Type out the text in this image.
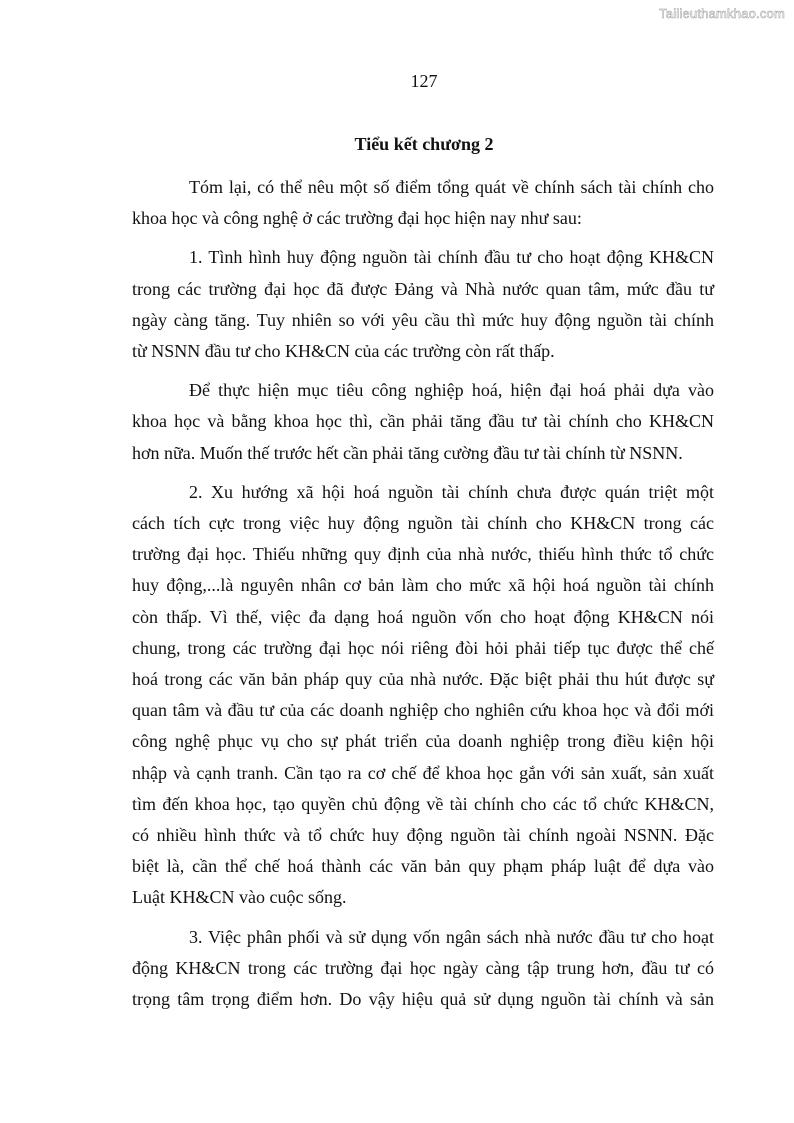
Tailieuthamkhao.com
127
Tiểu kết chương 2
Tóm lại, có thể nêu một số điểm tổng quát về chính sách tài chính cho
khoa học và công nghệ ở các trường đại học hiện nay như sau:
1. Tình hình huy động nguồn tài chính đầu tư cho hoạt động KH&CN
trong các trường đại học đã được Đảng và Nhà nước quan tâm, mức đầu tư
ngày càng tăng. Tuy nhiên so với yêu cầu thì mức huy động nguồn tài chính
từ NSNN đầu tư cho KH&CN của các trường còn rất thấp.
Để thực hiện mục tiêu công nghiệp hoá, hiện đại hoá phải dựa vào
khoa học và bằng khoa học thì, cần phải tăng đầu tư tài chính cho KH&CN
hơn nữa. Muốn thế trước hết cần phải tăng cường đầu tư tài chính từ NSNN.
2. Xu hướng xã hội hoá nguồn tài chính chưa được quán triệt một
cách tích cực trong việc huy động nguồn tài chính cho KH&CN trong các
trường đại học. Thiếu những quy định của nhà nước, thiếu hình thức tổ chức
huy động,...là nguyên nhân cơ bản làm cho mức xã hội hoá nguồn tài chính
còn thấp. Vì thế, việc đa dạng hoá nguồn vốn cho hoạt động KH&CN nói
chung, trong các trường đại học nói riêng đòi hỏi phải tiếp tục được thể chế
hoá trong các văn bản pháp quy của nhà nước. Đặc biệt phải thu hút được sự
quan tâm và đầu tư của các doanh nghiệp cho nghiên cứu khoa học và đổi mới
công nghệ phục vụ cho sự phát triển của doanh nghiệp trong điều kiện hội
nhập và cạnh tranh. Cần tạo ra cơ chế để khoa học gắn với sản xuất, sản xuất
tìm đến khoa học, tạo quyền chủ động về tài chính cho các tổ chức KH&CN,
có nhiều hình thức và tổ chức huy động nguồn tài chính ngoài NSNN. Đặc
biệt là, cần thể chế hoá thành các văn bản quy phạm pháp luật để dựa vào
Luật KH&CN vào cuộc sống.
3. Việc phân phối và sử dụng vốn ngân sách nhà nước đầu tư cho hoạt
động KH&CN trong các trường đại học ngày càng tập trung hơn, đầu tư có
trọng tâm trọng điểm hơn. Do vậy hiệu quả sử dụng nguồn tài chính và sản
